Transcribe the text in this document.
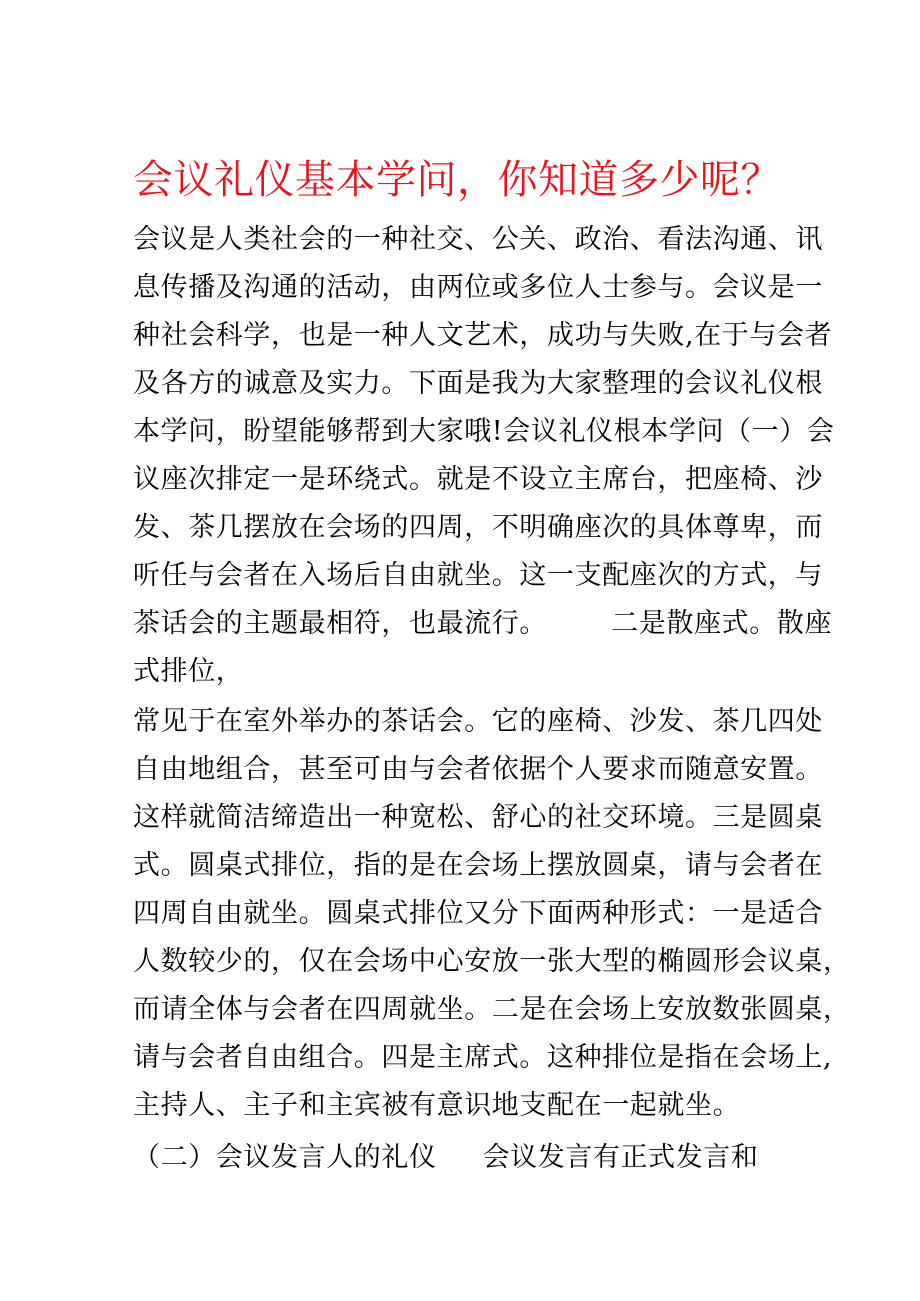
会议礼仪基本学问，你知道多少呢？
会议是人类社会的一种社交、公关、政治、看法沟通、讯
息传播及沟通的活动，由两位或多位人士参与。会议是一
种社会科学，也是一种人文艺术，成功与失败,在于与会者
及各方的诚意及实力。下面是我为大家整理的会议礼仪根
本学问，盼望能够帮到大家哦!会议礼仪根本学问（一）会
议座次排定一是环绕式。就是不设立主席台，把座椅、沙
发、茶几摆放在会场的四周，不明确座次的具体尊卑，而
听任与会者在入场后自由就坐。这一支配座次的方式，与
茶话会的主题最相符，也最流行。       二是散座式。散座
式排位，
常见于在室外举办的茶话会。它的座椅、沙发、茶几四处
自由地组合，甚至可由与会者依据个人要求而随意安置。
这样就简洁缔造出一种宽松、舒心的社交环境。三是圆桌
式。圆桌式排位，指的是在会场上摆放圆桌，请与会者在
四周自由就坐。圆桌式排位又分下面两种形式：一是适合
人数较少的，仅在会场中心安放一张大型的椭圆形会议桌，
而请全体与会者在四周就坐。二是在会场上安放数张圆桌，
请与会者自由组合。四是主席式。这种排位是指在会场上,
主持人、主子和主宾被有意识地支配在一起就坐。
（二）会议发言人的礼仪     会议发言有正式发言和
